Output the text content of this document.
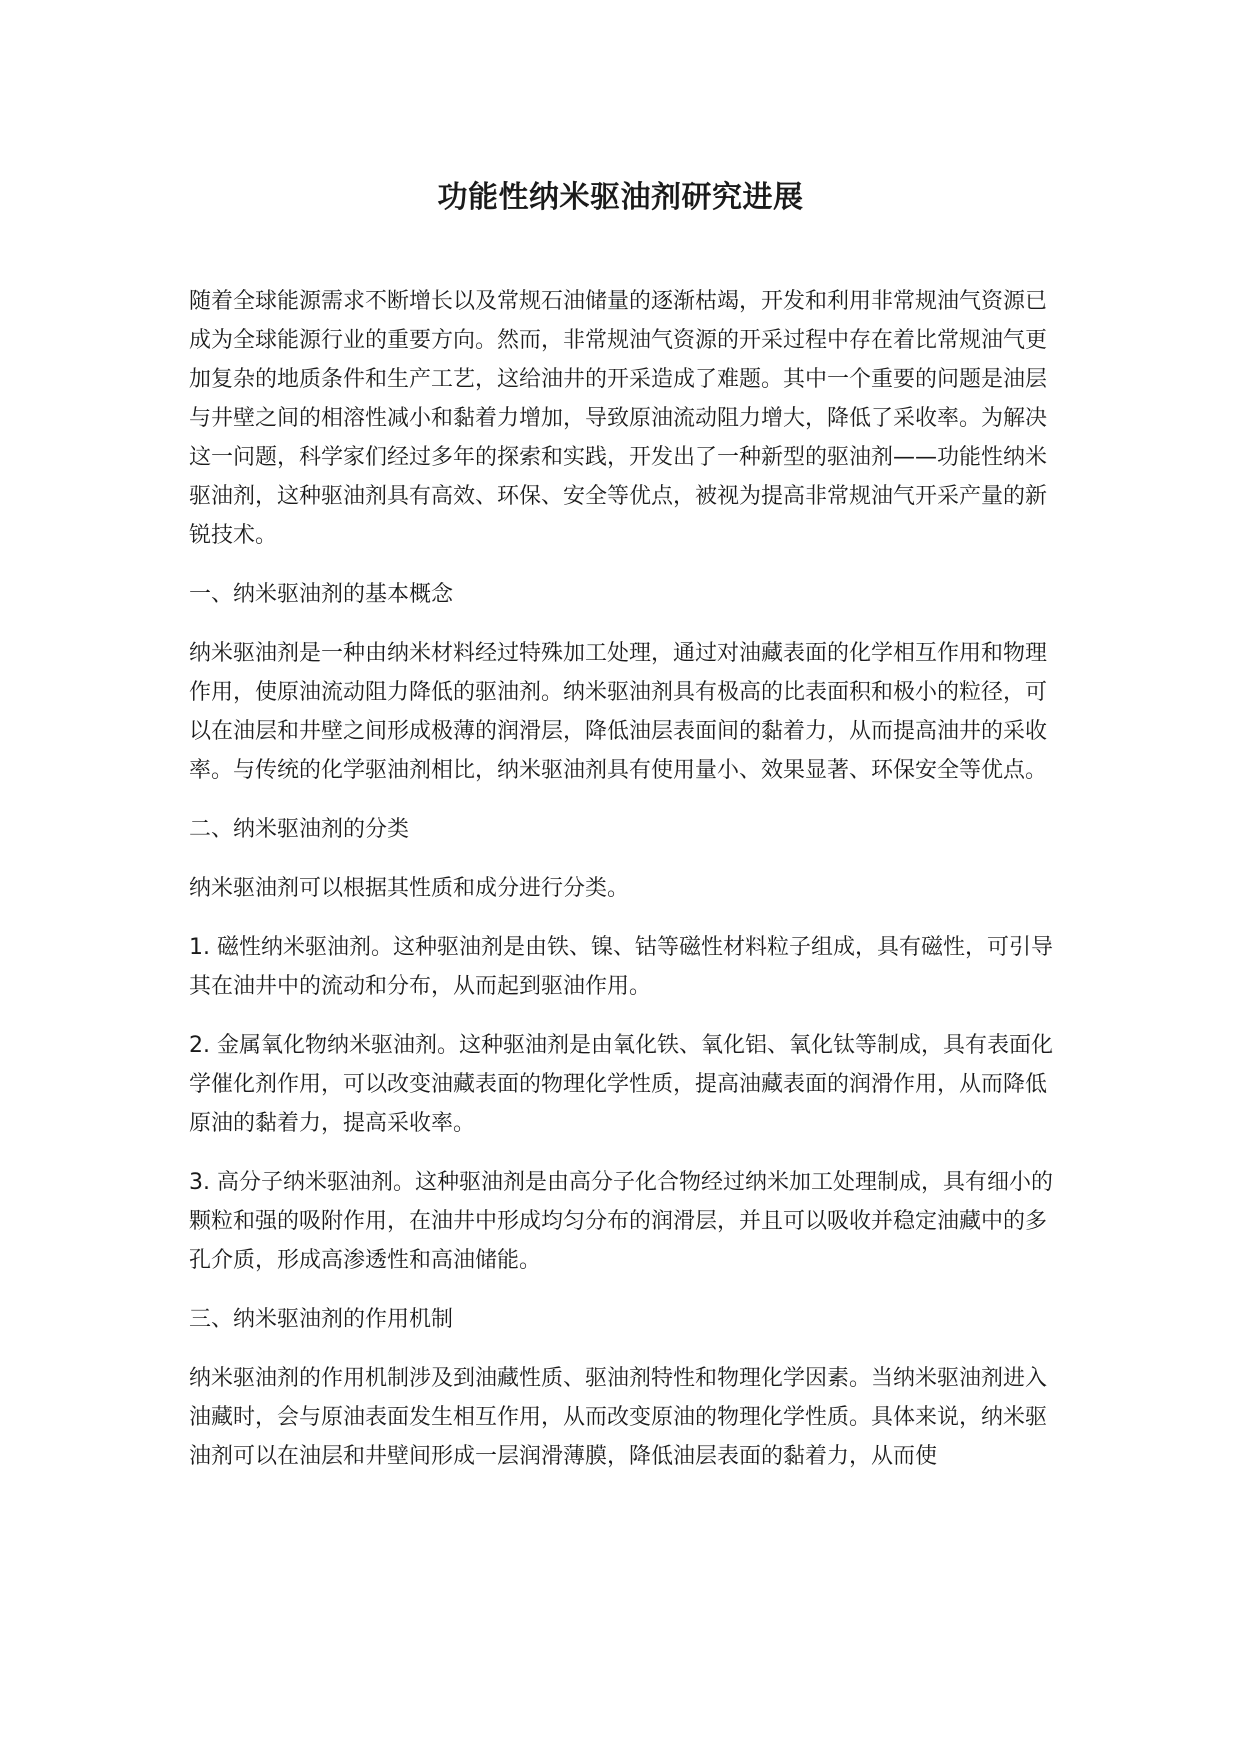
功能性纳米驱油剂研究进展

随着全球能源需求不断增长以及常规石油储量的逐渐枯竭，开发和利用非常规油气资源已成为全球能源行业的重要方向。然而，非常规油气资源的开采过程中存在着比常规油气更加复杂的地质条件和生产工艺，这给油井的开采造成了难题。其中一个重要的问题是油层与井壁之间的相溶性减小和黏着力增加，导致原油流动阻力增大，降低了采收率。为解决这一问题，科学家们经过多年的探索和实践，开发出了一种新型的驱油剂——功能性纳米驱油剂，这种驱油剂具有高效、环保、安全等优点，被视为提高非常规油气开采产量的新锐技术。

一、纳米驱油剂的基本概念

纳米驱油剂是一种由纳米材料经过特殊加工处理，通过对油藏表面的化学相互作用和物理作用，使原油流动阻力降低的驱油剂。纳米驱油剂具有极高的比表面积和极小的粒径，可以在油层和井壁之间形成极薄的润滑层，降低油层表面间的黏着力，从而提高油井的采收率。与传统的化学驱油剂相比，纳米驱油剂具有使用量小、效果显著、环保安全等优点。

二、纳米驱油剂的分类

纳米驱油剂可以根据其性质和成分进行分类。

1. 磁性纳米驱油剂。这种驱油剂是由铁、镍、钴等磁性材料粒子组成，具有磁性，可引导其在油井中的流动和分布，从而起到驱油作用。

2. 金属氧化物纳米驱油剂。这种驱油剂是由氧化铁、氧化铝、氧化钛等制成，具有表面化学催化剂作用，可以改变油藏表面的物理化学性质，提高油藏表面的润滑作用，从而降低原油的黏着力，提高采收率。

3. 高分子纳米驱油剂。这种驱油剂是由高分子化合物经过纳米加工处理制成，具有细小的颗粒和强的吸附作用，在油井中形成均匀分布的润滑层，并且可以吸收并稳定油藏中的多孔介质，形成高渗透性和高油储能。

三、纳米驱油剂的作用机制

纳米驱油剂的作用机制涉及到油藏性质、驱油剂特性和物理化学因素。当纳米驱油剂进入油藏时，会与原油表面发生相互作用，从而改变原油的物理化学性质。具体来说，纳米驱油剂可以在油层和井壁间形成一层润滑薄膜，降低油层表面的黏着力，从而使
